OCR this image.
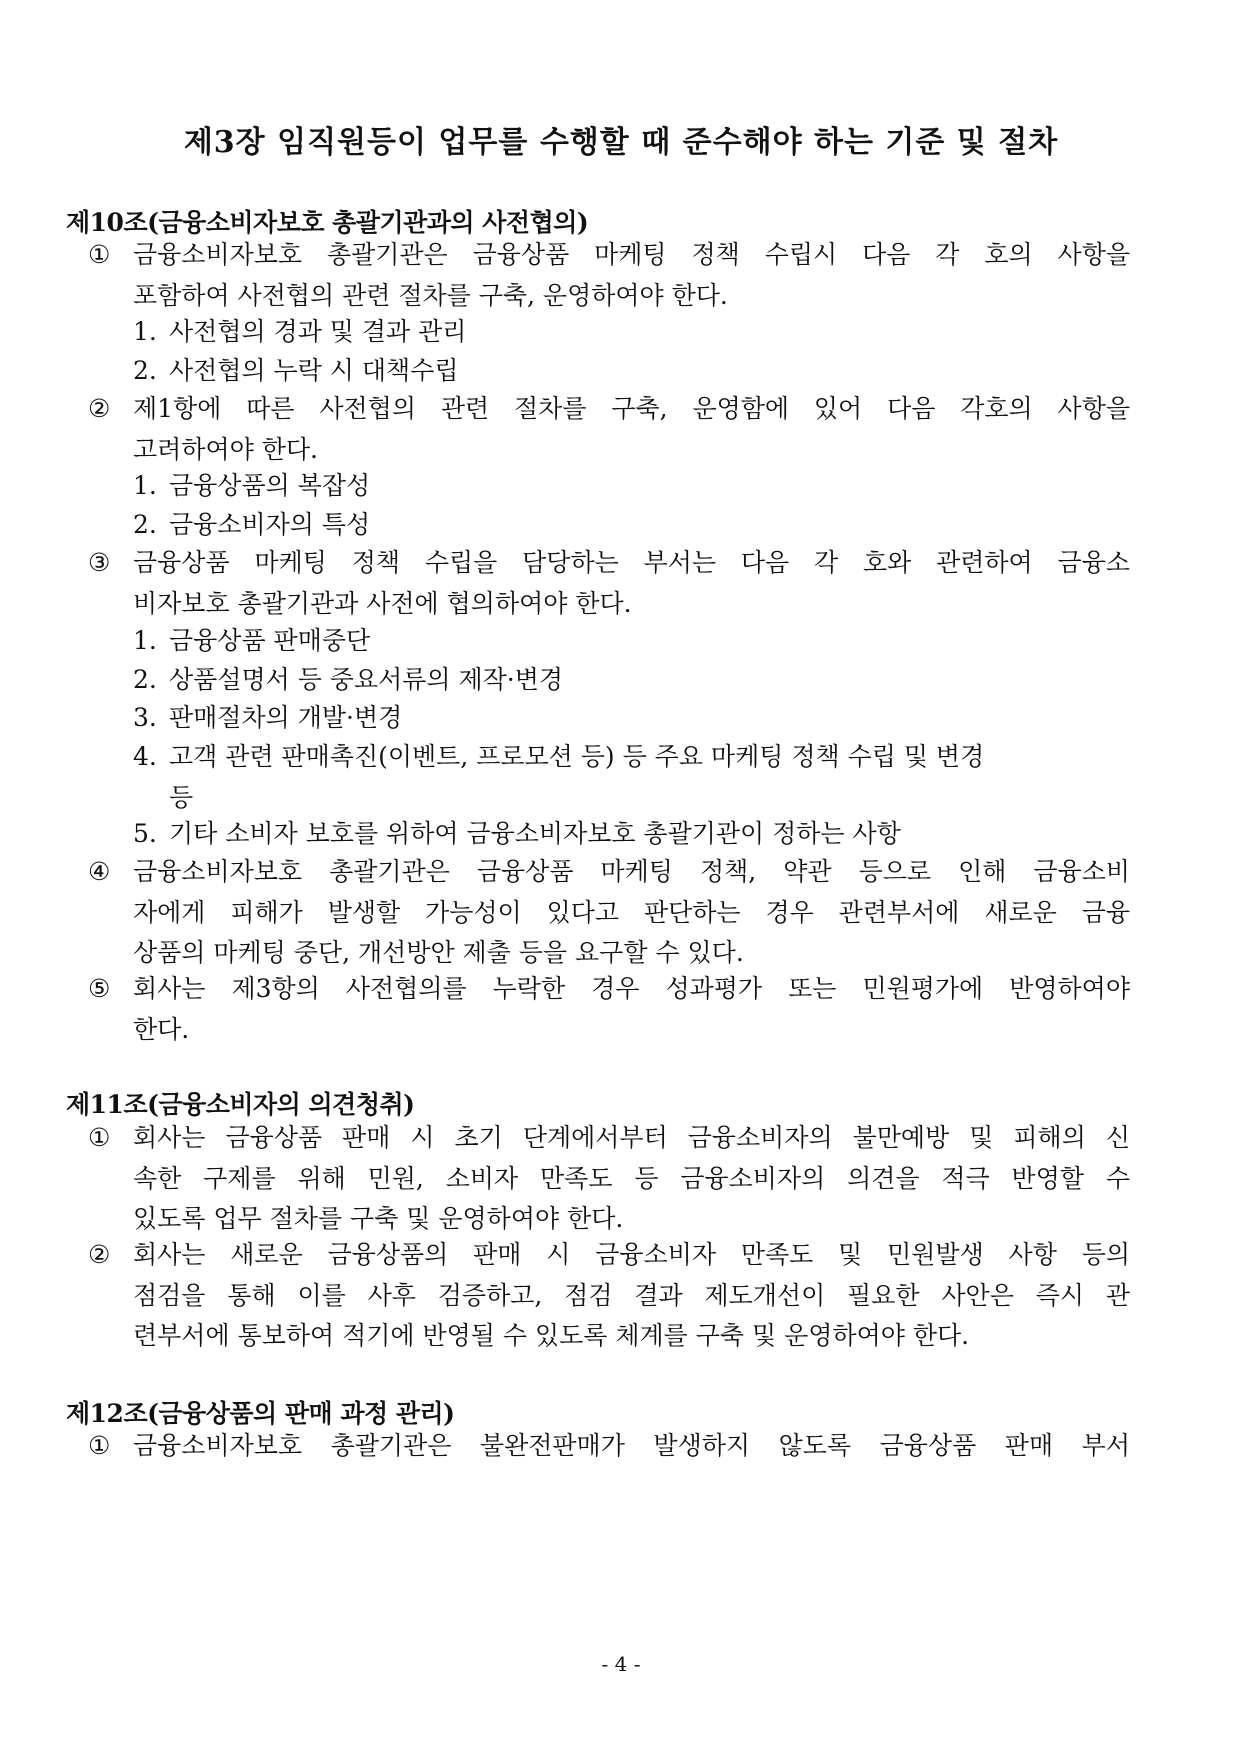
제3장 임직원등이 업무를 수행할 때 준수해야 하는 기준 및 절차
제10조(금융소비자보호 총괄기관과의 사전협의)
① 금융소비자보호 총괄기관은 금융상품 마케팅 정책 수립시 다음 각 호의 사항을
포함하여 사전협의 관련 절차를 구축, 운영하여야 한다.
1. 사전협의 경과 및 결과 관리
2. 사전협의 누락 시 대책수립
② 제1항에 따른 사전협의 관련 절차를 구축, 운영함에 있어 다음 각호의 사항을
고려하여야 한다.
1. 금융상품의 복잡성
2. 금융소비자의 특성
③ 금융상품 마케팅 정책 수립을 담당하는 부서는 다음 각 호와 관련하여 금융소
비자보호 총괄기관과 사전에 협의하여야 한다.
1. 금융상품 판매중단
2. 상품설명서 등 중요서류의 제작·변경
3. 판매절차의 개발·변경
4. 고객 관련 판매촉진(이벤트, 프로모션 등) 등 주요 마케팅 정책 수립 및 변경
등
5. 기타 소비자 보호를 위하여 금융소비자보호 총괄기관이 정하는 사항
④ 금융소비자보호 총괄기관은 금융상품 마케팅 정책, 약관 등으로 인해 금융소비
자에게 피해가 발생할 가능성이 있다고 판단하는 경우 관련부서에 새로운 금융
상품의 마케팅 중단, 개선방안 제출 등을 요구할 수 있다.
⑤ 회사는 제3항의 사전협의를 누락한 경우 성과평가 또는 민원평가에 반영하여야
한다.
제11조(금융소비자의 의견청취)
① 회사는 금융상품 판매 시 초기 단계에서부터 금융소비자의 불만예방 및 피해의 신
속한 구제를 위해 민원, 소비자 만족도 등 금융소비자의 의견을 적극 반영할 수
있도록 업무 절차를 구축 및 운영하여야 한다.
② 회사는 새로운 금융상품의 판매 시 금융소비자 만족도 및 민원발생 사항 등의
점검을 통해 이를 사후 검증하고, 점검 결과 제도개선이 필요한 사안은 즉시 관
련부서에 통보하여 적기에 반영될 수 있도록 체계를 구축 및 운영하여야 한다.
제12조(금융상품의 판매 과정 관리)
① 금융소비자보호 총괄기관은 불완전판매가 발생하지 않도록 금융상품 판매 부서
- 4 -
